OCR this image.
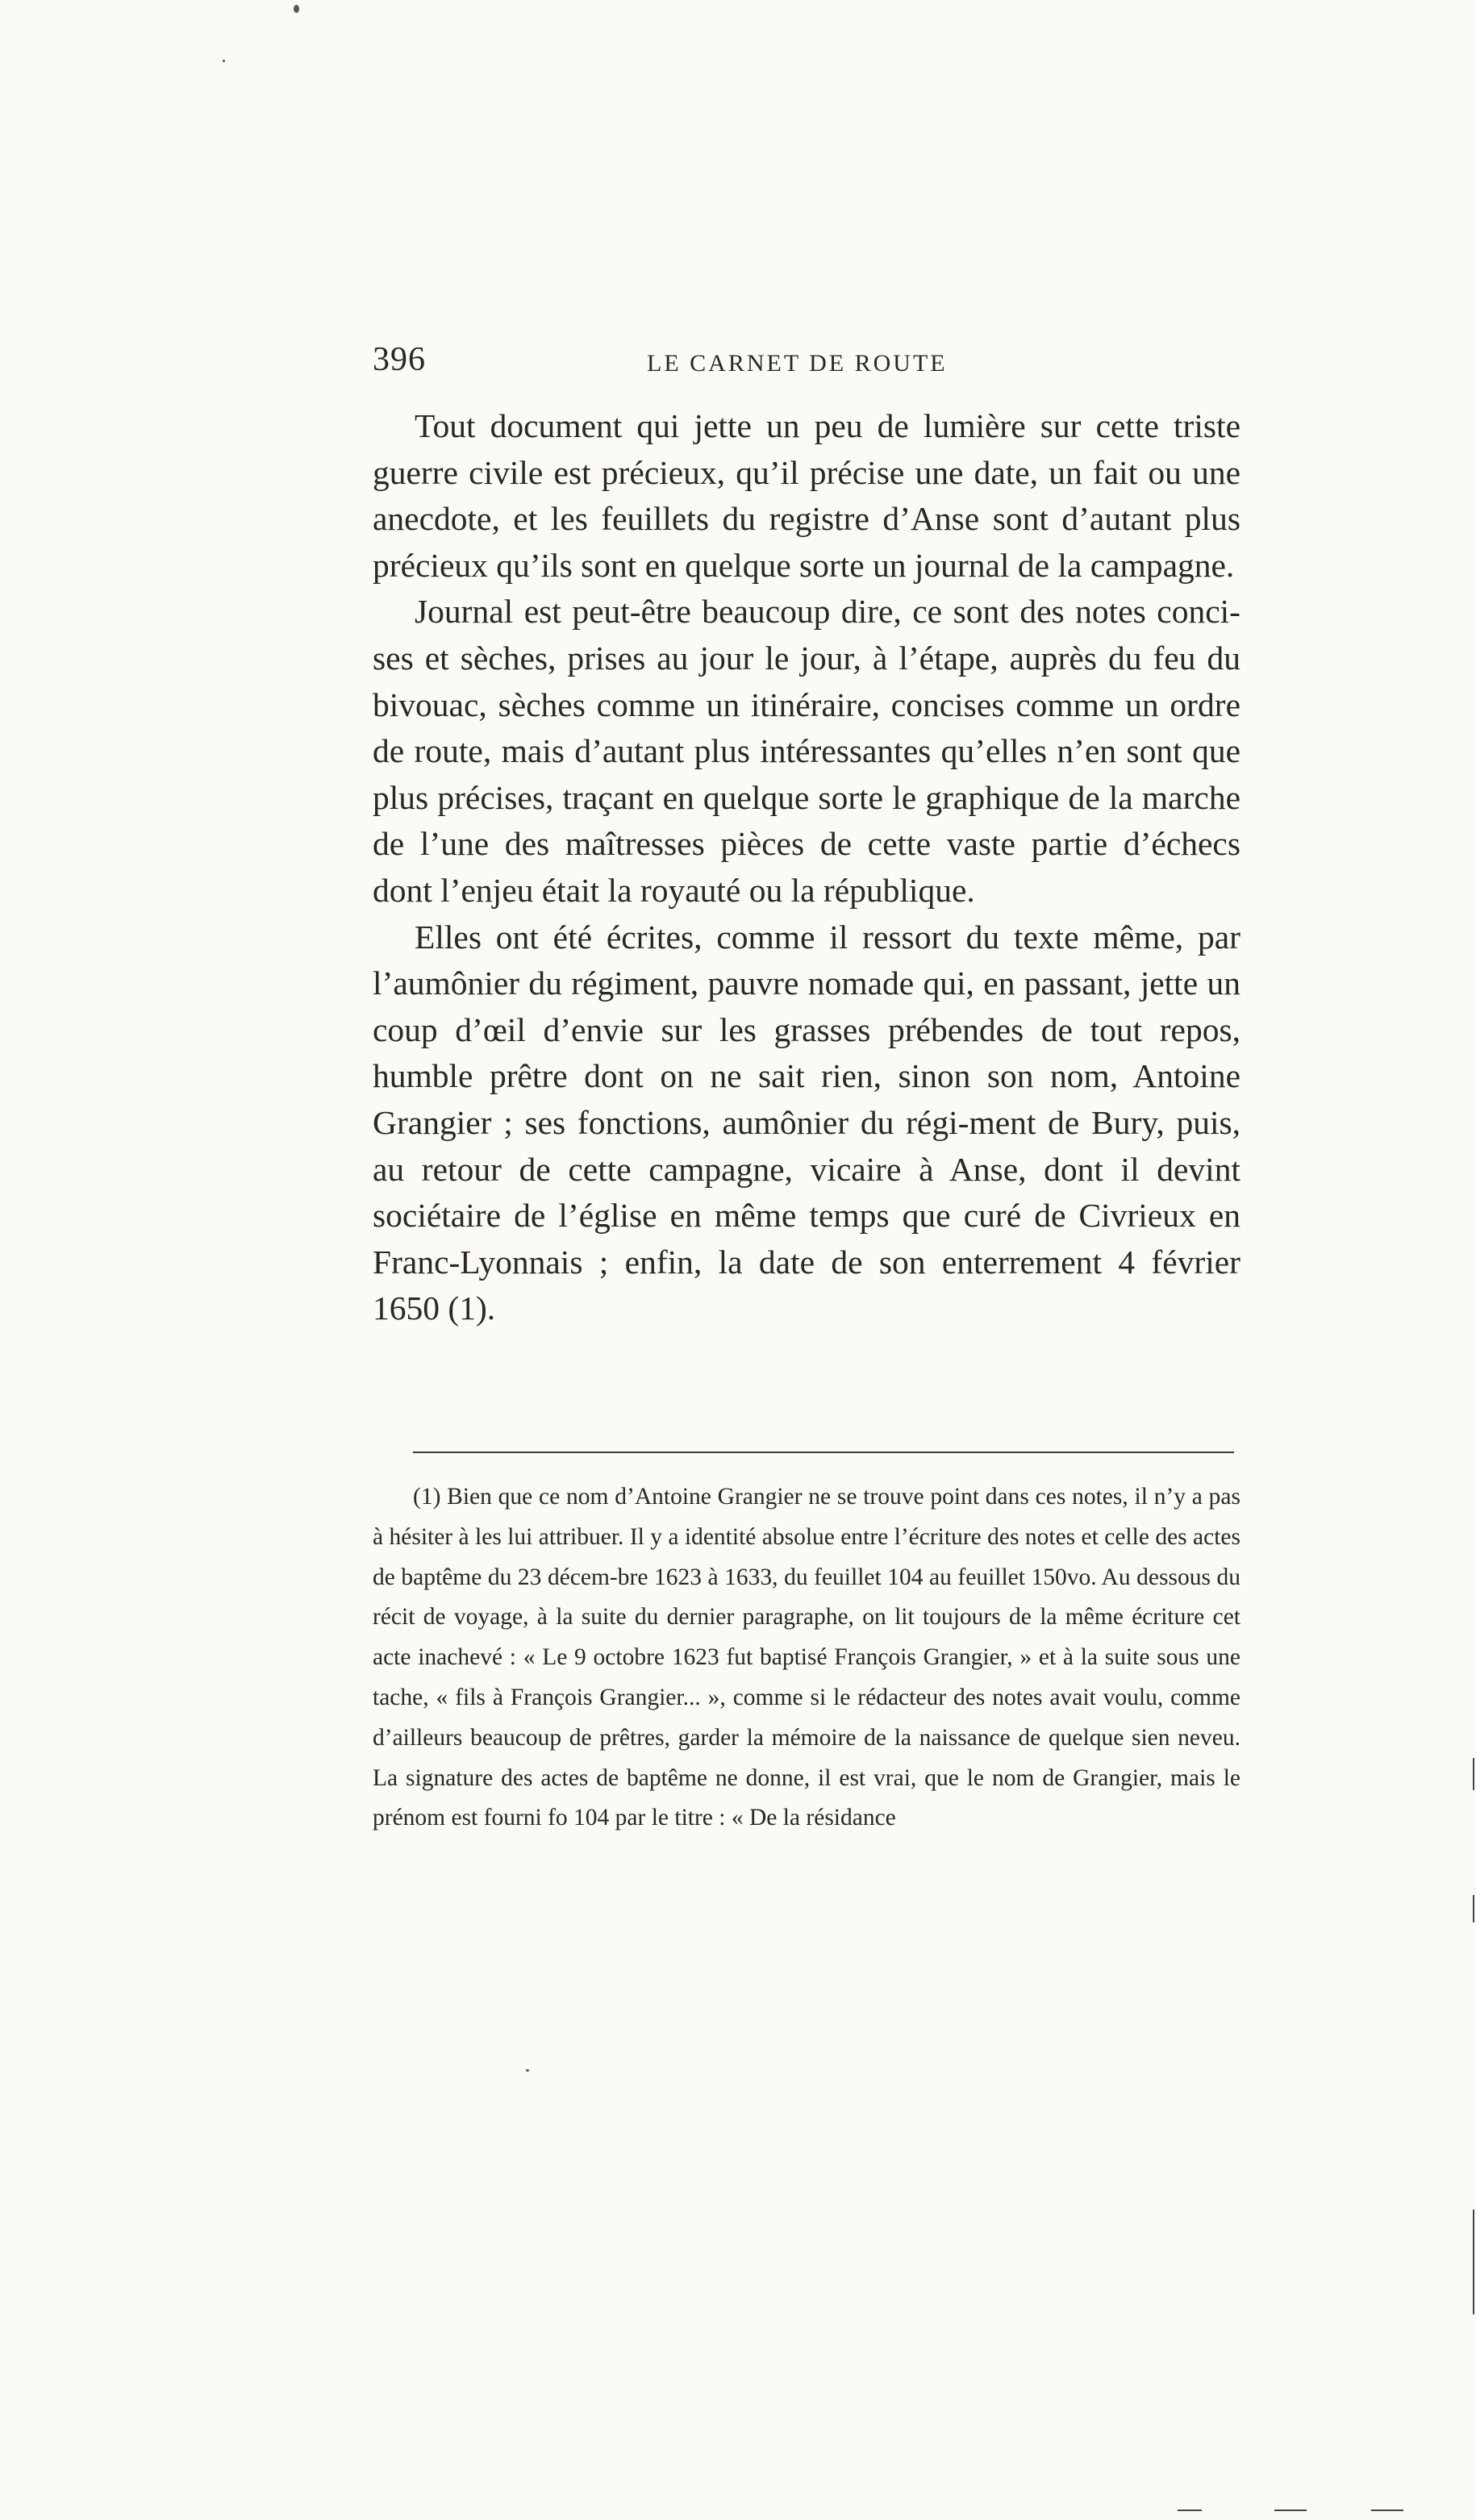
396	LE CARNET DE ROUTE

Tout document qui jette un peu de lumière sur cette triste guerre civile est précieux, qu’il précise une date, un fait ou une anecdote, et les feuillets du registre d’Anse sont d’autant plus précieux qu’ils sont en quelque sorte un journal de la campagne.

Journal est peut-être beaucoup dire, ce sont des notes conci-ses et sèches, prises au jour le jour, à l’étape, auprès du feu du bivouac, sèches comme un itinéraire, concises comme un ordre de route, mais d’autant plus intéressantes qu’elles n’en sont que plus précises, traçant en quelque sorte le graphique de la marche de l’une des maîtresses pièces de cette vaste partie d’échecs dont l’enjeu était la royauté ou la république.

Elles ont été écrites, comme il ressort du texte même, par l’aumônier du régiment, pauvre nomade qui, en passant, jette un coup d’œil d’envie sur les grasses prébendes de tout repos, humble prêtre dont on ne sait rien, sinon son nom, Antoine Grangier ; ses fonctions, aumônier du régi-ment de Bury, puis, au retour de cette campagne, vicaire à Anse, dont il devint sociétaire de l’église en même temps que curé de Civrieux en Franc-Lyonnais ; enfin, la date de son enterrement 4 février 1650 (1).

(1) Bien que ce nom d’Antoine Grangier ne se trouve point dans ces notes, il n’y a pas à hésiter à les lui attribuer. Il y a identité absolue entre l’écriture des notes et celle des actes de baptême du 23 décem-bre 1623 à 1633, du feuillet 104 au feuillet 150vo. Au dessous du récit de voyage, à la suite du dernier paragraphe, on lit toujours de la même écriture cet acte inachevé : « Le 9 octobre 1623 fut baptisé François Grangier, » et à la suite sous une tache, « fils à François Grangier... », comme si le rédacteur des notes avait voulu, comme d’ailleurs beaucoup de prêtres, garder la mémoire de la naissance de quelque sien neveu. La signature des actes de baptême ne donne, il est vrai, que le nom de Grangier, mais le prénom est fourni fo 104 par le titre : « De la résidance
